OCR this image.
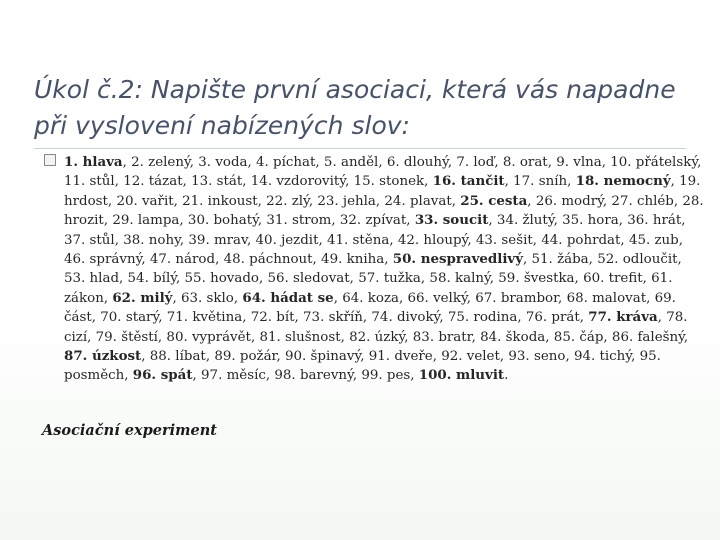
Úkol č.2: Napište první asociaci, která vás napadne při vyslovení nabízených slov:

1. hlava, 2. zelený, 3. voda, 4. píchat, 5. anděl, 6. dlouhý, 7. loď, 8. orat, 9. vlna, 10. přátelský, 11. stůl, 12. tázat, 13. stát, 14. vzdorovitý, 15. stonek, 16. tančit, 17. sníh, 18. nemocný, 19. hrdost, 20. vařit, 21. inkoust, 22. zlý, 23. jehla, 24. plavat, 25. cesta, 26. modrý, 27. chléb, 28. hrozit, 29. lampa, 30. bohatý, 31. strom, 32. zpívat, 33. soucit, 34. žlutý, 35. hora, 36. hrát, 37. stůl, 38. nohy, 39. mrav, 40. jezdit, 41. stěna, 42. hloupý, 43. sešit, 44. pohrdat, 45. zub, 46. správný, 47. národ, 48. páchnout, 49. kniha, 50. nespravedlivý, 51. žába, 52. odloučit, 53. hlad, 54. bílý, 55. hovado, 56. sledovat, 57. tužka, 58. kalný, 59. švestka, 60. trefit, 61. zákon, 62. milý, 63. sklo, 64. hádat se, 64. koza, 66. velký, 67. brambor, 68. malovat, 69. část, 70. starý, 71. květina, 72. bít, 73. skříň, 74. divoký, 75. rodina, 76. prát, 77. kráva, 78. cizí, 79. štěstí, 80. vyprávět, 81. slušnost, 82. úzký, 83. bratr, 84. škoda, 85. čáp, 86. falešný, 87. úzkost, 88. líbat, 89. požár, 90. špinavý, 91. dveře, 92. velet, 93. seno, 94. tichý, 95. posměch, 96. spát, 97. měsíc, 98. barevný, 99. pes, 100. mluvit.

Asociační experiment
